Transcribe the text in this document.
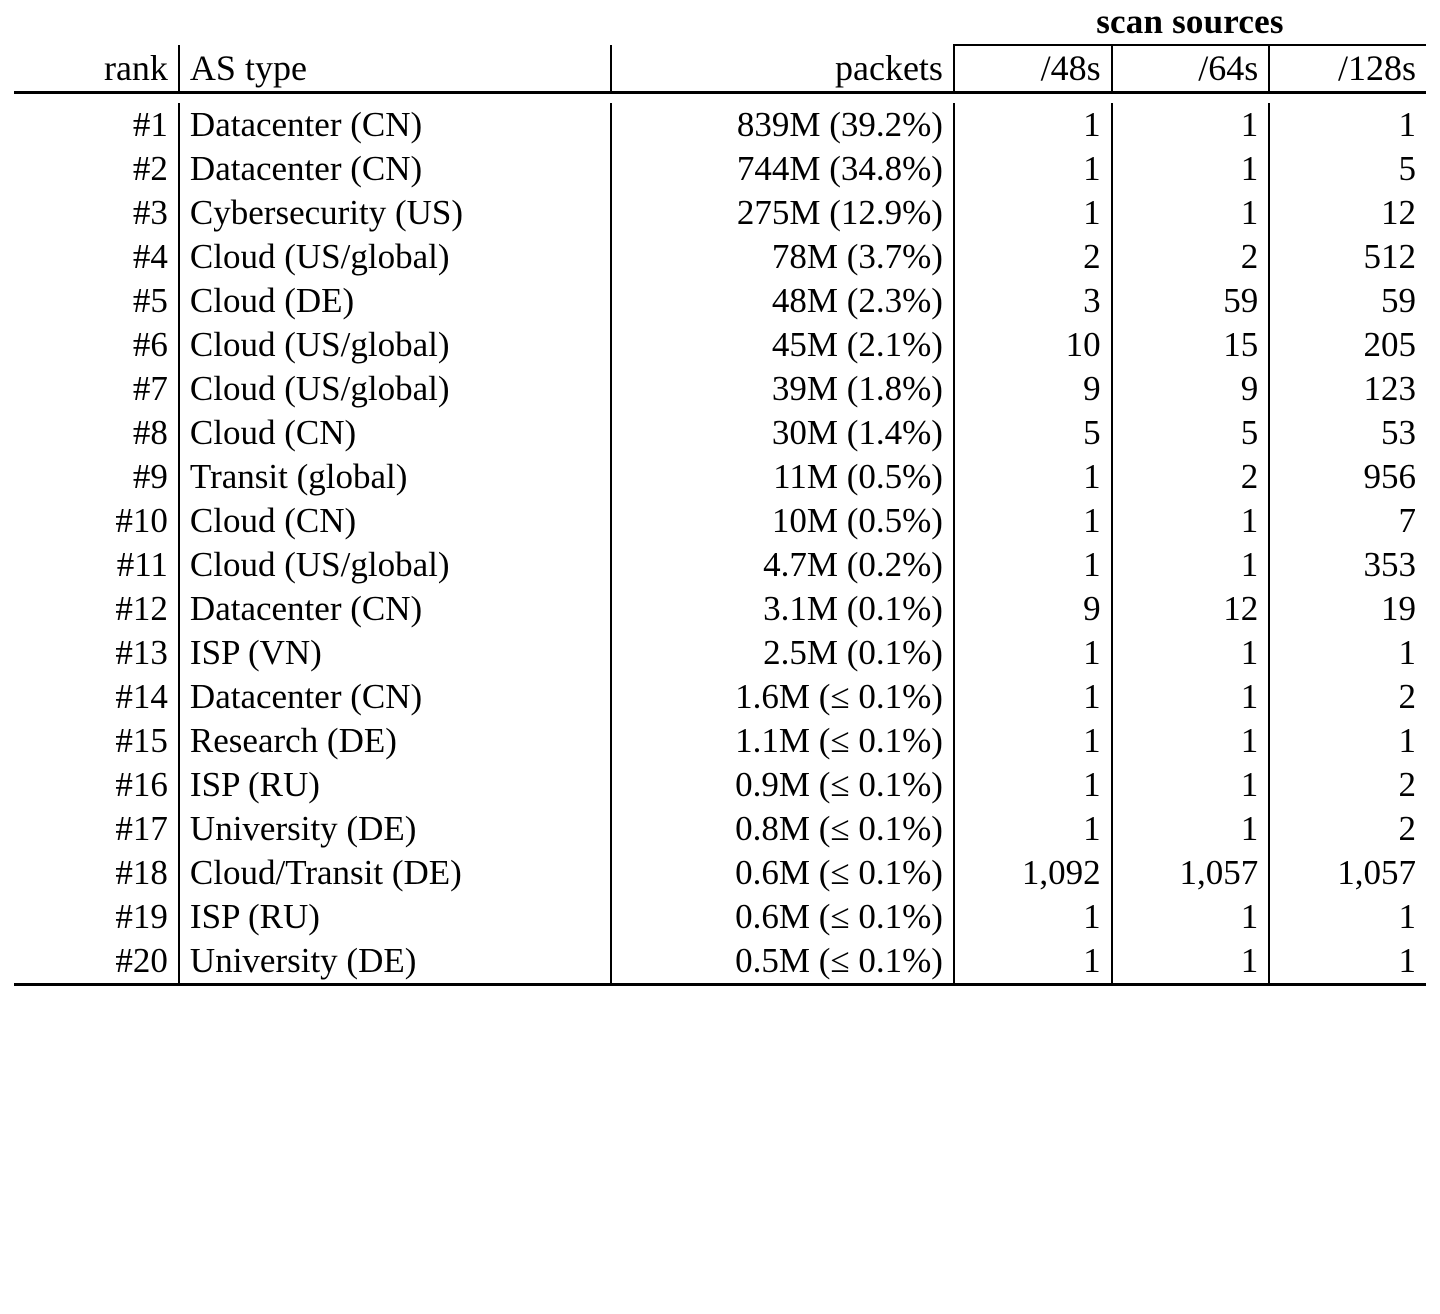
			scan sources		
rank	AS type	packets	/48s	/64s	/128s

#1	Datacenter (CN)	839M (39.2%)	1	1	1
#2	Datacenter (CN)	744M (34.8%)	1	1	5
#3	Cybersecurity (US)	275M (12.9%)	1	1	12
#4	Cloud (US/global)	78M (3.7%)	2	2	512
#5	Cloud (DE)	48M (2.3%)	3	59	59
#6	Cloud (US/global)	45M (2.1%)	10	15	205
#7	Cloud (US/global)	39M (1.8%)	9	9	123
#8	Cloud (CN)	30M (1.4%)	5	5	53
#9	Transit (global)	11M (0.5%)	1	2	956
#10	Cloud (CN)	10M (0.5%)	1	1	7
#11	Cloud (US/global)	4.7M (0.2%)	1	1	353
#12	Datacenter (CN)	3.1M (0.1%)	9	12	19
#13	ISP (VN)	2.5M (0.1%)	1	1	1
#14	Datacenter (CN)	1.6M (≤ 0.1%)	1	1	2
#15	Research (DE)	1.1M (≤ 0.1%)	1	1	1
#16	ISP (RU)	0.9M (≤ 0.1%)	1	1	2
#17	University (DE)	0.8M (≤ 0.1%)	1	1	2
#18	Cloud/Transit (DE)	0.6M (≤ 0.1%)	1,092	1,057	1,057
#19	ISP (RU)	0.6M (≤ 0.1%)	1	1	1
#20	University (DE)	0.5M (≤ 0.1%)	1	1	1
